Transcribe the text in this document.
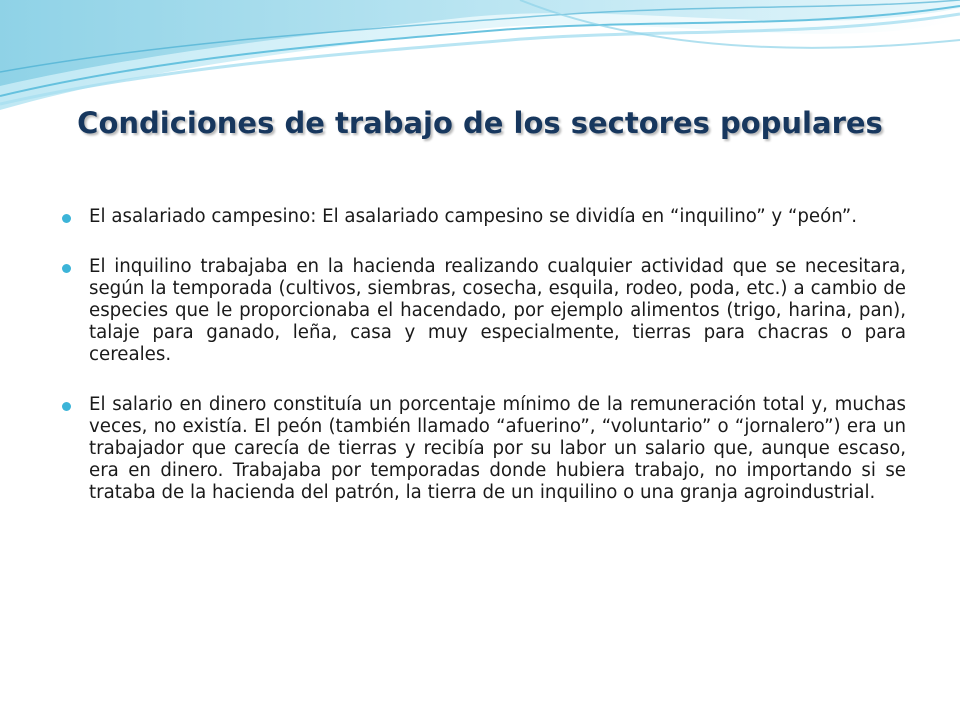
Condiciones de trabajo de los sectores populares
El asalariado campesino: El asalariado campesino se dividía en “inquilino” y “peón”.
El inquilino trabajaba en la hacienda realizando cualquier actividad que se necesitara, según la temporada (cultivos, siembras, cosecha, esquila, rodeo, poda, etc.) a cambio de especies que le proporcionaba el hacendado, por ejemplo alimentos (trigo, harina, pan), talaje para ganado, leña, casa y muy especialmente, tierras para chacras o para cereales.
El salario en dinero constituía un porcentaje mínimo de la remuneración total y, muchas veces, no existía. El peón (también llamado “afuerino”, “voluntario” o “jornalero”) era un trabajador que carecía de tierras y recibía por su labor un salario que, aunque escaso, era en dinero. Trabajaba por temporadas donde hubiera trabajo, no importando si se trataba de la hacienda del patrón, la tierra de un inquilino o una granja agroindustrial.
